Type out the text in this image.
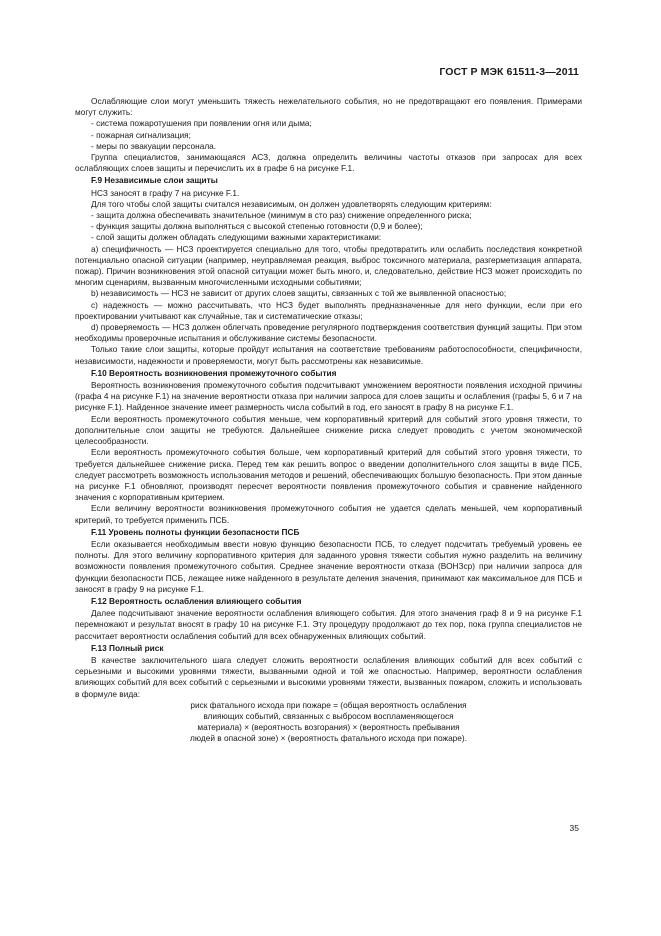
ГОСТ Р МЭК 61511-3—2011

Ослабляющие слои могут уменьшить тяжесть нежелательного события, но не предотвращают его появления. Примерами могут служить:

- система пожаротушения при появлении огня или дыма;

- пожарная сигнализация;

- меры по эвакуации персонала.

Группа специалистов, занимающаяся АСЗ, должна определить величины частоты отказов при запросах для всех ослабляющих слоев защиты и перечислить их в графе 6 на рисунке F.1.

F.9 Независимые слои защиты

НСЗ заносят в графу 7 на рисунке F.1.

Для того чтобы слой защиты считался независимым, он должен удовлетворять следующим критериям:

- защита должна обеспечивать значительное (минимум в сто раз) снижение определенного риска;

- функция защиты должна выполняться с высокой степенью готовности (0,9 и более);

- слой защиты должен обладать следующими важными характеристиками:

а) специфичность — НСЗ проектируется специально для того, чтобы предотвратить или ослабить последствия конкретной потенциально опасной ситуации (например, неуправляемая реакция, выброс токсичного материала, разгерметизация аппарата, пожар). Причин возникновения этой опасной ситуации может быть много, и, следовательно, действие НСЗ может происходить по многим сценариям, вызванным многочисленными исходными событиями;

b) независимость — НСЗ не зависит от других слоев защиты, связанных с той же выявленной опасностью;

c) надежность — можно рассчитывать, что НСЗ будет выполнять предназначенные для него функции, если при его проектировании учитывают как случайные, так и систематические отказы;

d) проверяемость — НСЗ должен облегчать проведение регулярного подтверждения соответствия функций защиты. При этом необходимы проверочные испытания и обслуживание системы безопасности.

Только такие слои защиты, которые пройдут испытания на соответствие требованиям работоспособности, специфичности, независимости, надежности и проверяемости, могут быть рассмотрены как независимые.

F.10 Вероятность возникновения промежуточного события

Вероятность возникновения промежуточного события подсчитывают умножением вероятности появления исходной причины (графа 4 на рисунке F.1) на значение вероятности отказа при наличии запроса для слоев защиты и ослабления (графы 5, 6 и 7 на рисунке F.1). Найденное значение имеет размерность числа событий в год, его заносят в графу 8 на рисунке F.1.

Если вероятность промежуточного события меньше, чем корпоративный критерий для событий этого уровня тяжести, то дополнительные слои защиты не требуются. Дальнейшее снижение риска следует проводить с учетом экономической целесообразности.

Если вероятность промежуточного события больше, чем корпоративный критерий для событий этого уровня тяжести, то требуется дальнейшее снижение риска. Перед тем как решить вопрос о введении дополнительного слоя защиты в виде ПСБ, следует рассмотреть возможность использования методов и решений, обеспечивающих большую безопасность. При этом данные на рисунке F.1 обновляют, производят пересчет вероятности появления промежуточного события и сравнение найденного значения с корпоративным критерием.

Если величину вероятности возникновения промежуточного события не удается сделать меньшей, чем корпоративный критерий, то требуется применить ПСБ.

F.11 Уровень полноты функции безопасности ПСБ

Если оказывается необходимым ввести новую функцию безопасности ПСБ, то следует подсчитать требуемый уровень ее полноты. Для этого величину корпоративного критерия для заданного уровня тяжести события нужно разделить на величину возможности появления промежуточного события. Среднее значение вероятности отказа (ВОНЗср) при наличии запроса для функции безопасности ПСБ, лежащее ниже найденного в результате деления значения, принимают как максимальное для ПСБ и заносят в графу 9 на рисунке F.1.

F.12 Вероятность ослабления влияющего события

Далее подсчитывают значение вероятности ослабления влияющего события. Для этого значения граф 8 и 9 на рисунке F.1 перемножают и результат вносят в графу 10 на рисунке F.1. Эту процедуру продолжают до тех пор, пока группа специалистов не рассчитает вероятности ослабления событий для всех обнаруженных влияющих событий.

F.13 Полный риск

В качестве заключительного шага следует сложить вероятности ослабления влияющих событий для всех событий с серьезными и высокими уровнями тяжести, вызванными одной и той же опасностью. Например, вероятности ослабления влияющих событий для всех событий с серьезными и высокими уровнями тяжести, вызванных пожаром, сложить и использовать в формуле вида:

риск фатального исхода при пожаре = (общая вероятность ослабления

влияющих событий, связанных с выбросом воспламеняющегося

материала) × (вероятность возгорания) × (вероятность пребывания

людей в опасной зоне) × (вероятность фатального исхода при пожаре).

35
